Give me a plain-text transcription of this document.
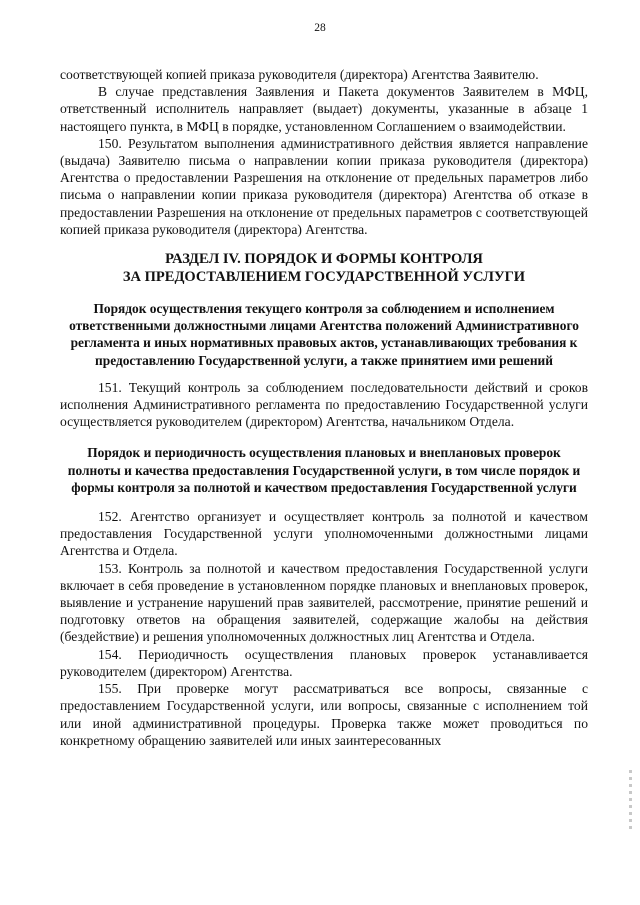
28

соответствующей копией приказа руководителя (директора) Агентства Заявителю.

В случае представления Заявления и Пакета документов Заявителем в МФЦ, ответственный исполнитель направляет (выдает) документы, указанные в абзаце 1 настоящего пункта, в МФЦ в порядке, установленном Соглашением о взаимодействии.

150. Результатом выполнения административного действия является направление (выдача) Заявителю письма о направлении копии приказа руководителя (директора) Агентства о предоставлении Разрешения на отклонение от предельных параметров либо письма о направлении копии приказа руководителя (директора) Агентства об отказе в предоставлении Разрешения на отклонение от предельных параметров с соответствующей копией приказа руководителя (директора) Агентства.

РАЗДЕЛ IV. ПОРЯДОК И ФОРМЫ КОНТРОЛЯ
ЗА ПРЕДОСТАВЛЕНИЕМ ГОСУДАРСТВЕННОЙ УСЛУГИ
Порядок осуществления текущего контроля за соблюдением и исполнением ответственными должностными лицами Агентства положений Административного регламента и иных нормативных правовых актов, устанавливающих требования к предоставлению Государственной услуги, а также принятием ими решений

151. Текущий контроль за соблюдением последовательности действий и сроков исполнения Административного регламента по предоставлению Государственной услуги осуществляется руководителем (директором) Агентства, начальником Отдела.

Порядок и периодичность осуществления плановых и внеплановых проверок полноты и качества предоставления Государственной услуги, в том числе порядок и формы контроля за полнотой и качеством предоставления Государственной услуги

152. Агентство организует и осуществляет контроль за полнотой и качеством предоставления Государственной услуги уполномоченными должностными лицами Агентства и Отдела.

153. Контроль за полнотой и качеством предоставления Государственной услуги включает в себя проведение в установленном порядке плановых и внеплановых проверок, выявление и устранение нарушений прав заявителей, рассмотрение, принятие решений и подготовку ответов на обращения заявителей, содержащие жалобы на действия (бездействие) и решения уполномоченных должностных лиц Агентства и Отдела.

154. Периодичность осуществления плановых проверок устанавливается руководителем (директором) Агентства.

155. При проверке могут рассматриваться все вопросы, связанные с предоставлением Государственной услуги, или вопросы, связанные с исполнением той или иной административной процедуры. Проверка также может проводиться по конкретному обращению заявителей или иных заинтересованных
